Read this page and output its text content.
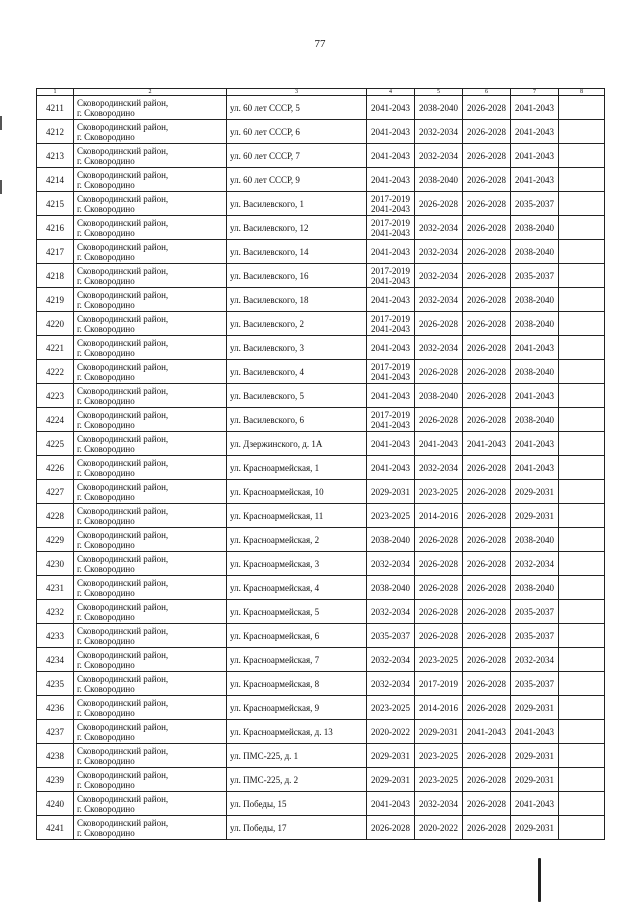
77
1	2	3	4	5	6	7	8
4211	Сковородинский район,
г. Сковородино	ул. 60 лет СССР, 5	2041-2043	2038-2040	2026-2028	2041-2043	

4212	Сковородинский район,
г. Сковородино	ул. 60 лет СССР, 6	2041-2043	2032-2034	2026-2028	2041-2043	

4213	Сковородинский район,
г. Сковородино	ул. 60 лет СССР, 7	2041-2043	2032-2034	2026-2028	2041-2043	

4214	Сковородинский район,
г. Сковородино	ул. 60 лет СССР, 9	2041-2043	2038-2040	2026-2028	2041-2043	

4215	Сковородинский район,
г. Сковородино	ул. Василевского, 1	2017-2019
2041-2043	2026-2028	2026-2028	2035-2037	

4216	Сковородинский район,
г. Сковородино	ул. Василевского, 12	2017-2019
2041-2043	2032-2034	2026-2028	2038-2040	

4217	Сковородинский район,
г. Сковородино	ул. Василевского, 14	2041-2043	2032-2034	2026-2028	2038-2040	

4218	Сковородинский район,
г. Сковородино	ул. Василевского, 16	2017-2019
2041-2043	2032-2034	2026-2028	2035-2037	

4219	Сковородинский район,
г. Сковородино	ул. Василевского, 18	2041-2043	2032-2034	2026-2028	2038-2040	

4220	Сковородинский район,
г. Сковородино	ул. Василевского, 2	2017-2019
2041-2043	2026-2028	2026-2028	2038-2040	

4221	Сковородинский район,
г. Сковородино	ул. Василевского, 3	2041-2043	2032-2034	2026-2028	2041-2043	

4222	Сковородинский район,
г. Сковородино	ул. Василевского, 4	2017-2019
2041-2043	2026-2028	2026-2028	2038-2040	

4223	Сковородинский район,
г. Сковородино	ул. Василевского, 5	2041-2043	2038-2040	2026-2028	2041-2043	

4224	Сковородинский район,
г. Сковородино	ул. Василевского, 6	2017-2019
2041-2043	2026-2028	2026-2028	2038-2040	

4225	Сковородинский район,
г. Сковородино	ул. Дзержинского, д. 1А	2041-2043	2041-2043	2041-2043	2041-2043	

4226	Сковородинский район,
г. Сковородино	ул. Красноармейская, 1	2041-2043	2032-2034	2026-2028	2041-2043	

4227	Сковородинский район,
г. Сковородино	ул. Красноармейская, 10	2029-2031	2023-2025	2026-2028	2029-2031	

4228	Сковородинский район,
г. Сковородино	ул. Красноармейская, 11	2023-2025	2014-2016	2026-2028	2029-2031	

4229	Сковородинский район,
г. Сковородино	ул. Красноармейская, 2	2038-2040	2026-2028	2026-2028	2038-2040	

4230	Сковородинский район,
г. Сковородино	ул. Красноармейская, 3	2032-2034	2026-2028	2026-2028	2032-2034	

4231	Сковородинский район,
г. Сковородино	ул. Красноармейская, 4	2038-2040	2026-2028	2026-2028	2038-2040	

4232	Сковородинский район,
г. Сковородино	ул. Красноармейская, 5	2032-2034	2026-2028	2026-2028	2035-2037	

4233	Сковородинский район,
г. Сковородино	ул. Красноармейская, 6	2035-2037	2026-2028	2026-2028	2035-2037	

4234	Сковородинский район,
г. Сковородино	ул. Красноармейская, 7	2032-2034	2023-2025	2026-2028	2032-2034	

4235	Сковородинский район,
г. Сковородино	ул. Красноармейская, 8	2032-2034	2017-2019	2026-2028	2035-2037	

4236	Сковородинский район,
г. Сковородино	ул. Красноармейская, 9	2023-2025	2014-2016	2026-2028	2029-2031	

4237	Сковородинский район,
г. Сковородино	ул. Красноармейская, д. 13	2020-2022	2029-2031	2041-2043	2041-2043	

4238	Сковородинский район,
г. Сковородино	ул. ПМС-225, д. 1	2029-2031	2023-2025	2026-2028	2029-2031	

4239	Сковородинский район,
г. Сковородино	ул. ПМС-225, д. 2	2029-2031	2023-2025	2026-2028	2029-2031	

4240	Сковородинский район,
г. Сковородино	ул. Победы, 15	2041-2043	2032-2034	2026-2028	2041-2043	

4241	Сковородинский район,
г. Сковородино	ул. Победы, 17	2026-2028	2020-2022	2026-2028	2029-2031	
